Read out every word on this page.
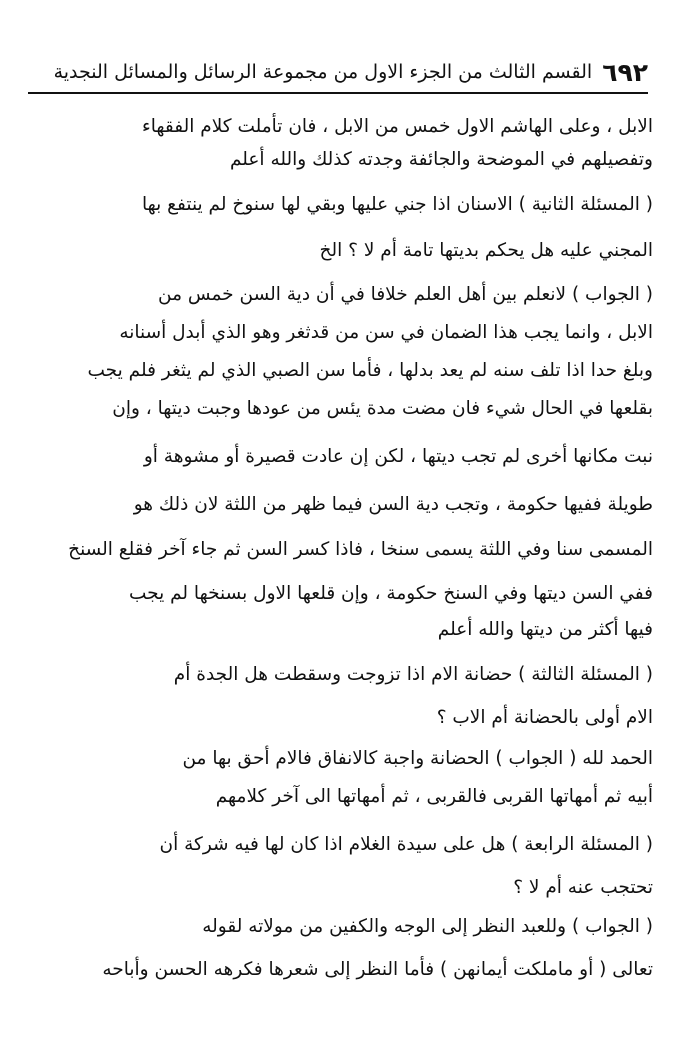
٦٩٢
القسم الثالث من الجزء الاول من مجموعة الرسائل والمسائل النجدية
الابل ، وعلى الهاشم الاول خمس من الابل ، فان تأملت كلام الفقهاء
وتفصيلهم في الموضحة والجائفة وجدته كذلك والله أعلم
( المسئلة الثانية ) الاسنان اذا جني عليها وبقي لها سنوخ لم ينتفع بها
المجني عليه هل يحكم بديتها تامة أم لا ؟ الخ
( الجواب ) لانعلم بين أهل العلم خلافا في أن دية السن خمس من
الابل ، وانما يجب هذا الضمان في سن من قدثغر وهو الذي أبدل أسنانه
وبلغ حدا اذا تلف سنه لم يعد بدلها ، فأما سن الصبي الذي لم يثغر فلم يجب
بقلعها في الحال شيء فان مضت مدة يئس من عودها وجبت ديتها ، وإن
نبت مكانها أخرى لم تجب ديتها ، لكن إن عادت قصيرة أو مشوهة أو
طويلة ففيها حكومة ، وتجب دية السن فيما ظهر من اللثة لان ذلك هو
المسمى سنا وفي اللثة يسمى سنخا ، فاذا كسر السن ثم جاء آخر فقلع السنخ
ففي السن ديتها وفي السنخ حكومة ، وإن قلعها الاول بسنخها لم يجب
فيها أكثر من ديتها والله أعلم
( المسئلة الثالثة ) حضانة الام اذا تزوجت وسقطت هل الجدة أم
الام أولى بالحضانة أم الاب ؟
الحمد لله ( الجواب ) الحضانة واجبة كالانفاق فالام أحق بها من
أبيه ثم أمهاتها القربى فالقربى ، ثم أمهاتها الى آخر كلامهم
( المسئلة الرابعة ) هل على سيدة الغلام اذا كان لها فيه شركة أن
تحتجب عنه أم لا ؟
( الجواب ) وللعبد النظر إلى الوجه والكفين من مولاته لقوله
تعالى ( أو ماملكت أيمانهن ) فأما النظر إلى شعرها فكرهه الحسن وأباحه
